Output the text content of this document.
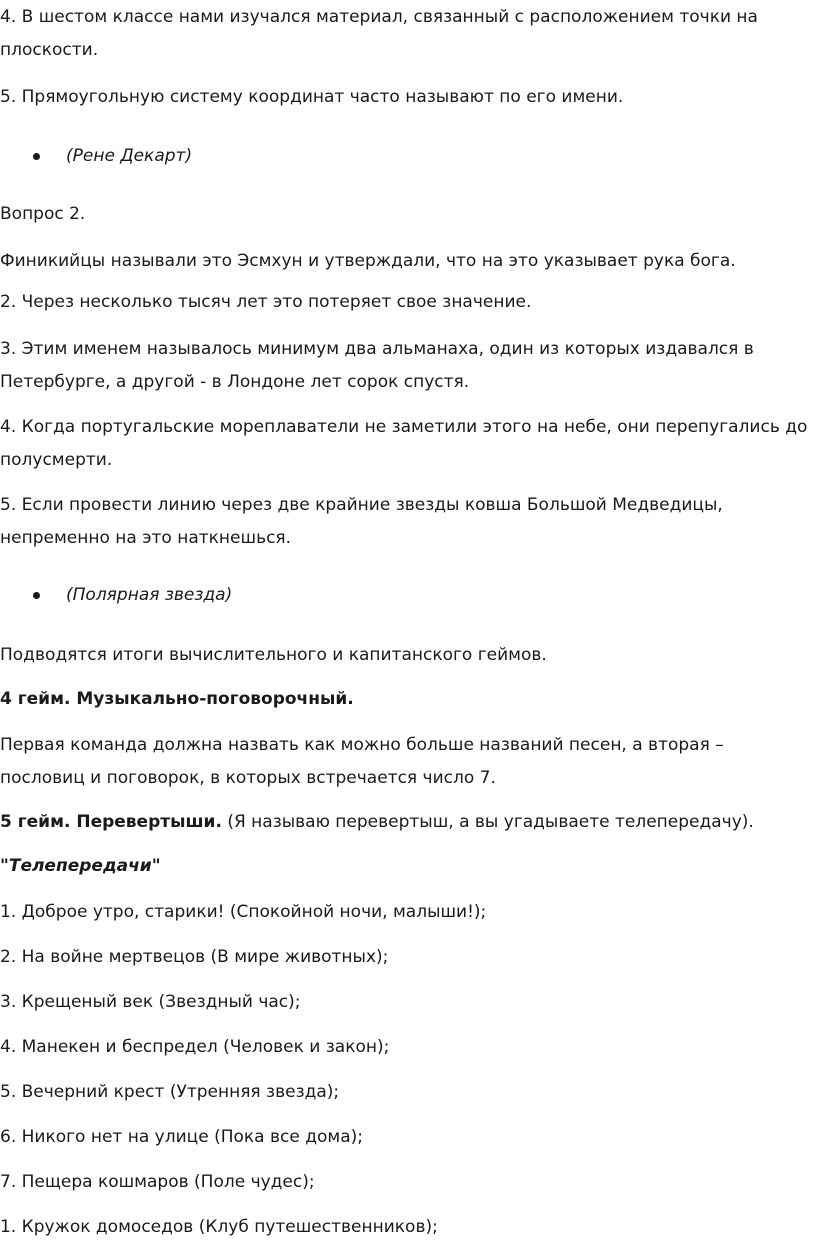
4. В шестом классе нами изучался материал, связанный с расположением точки на
плоскости.
5. Прямоугольную систему координат часто называют по его имени.
(Рене Декарт)
Вопрос 2.
Финикийцы называли это Эсмхун и утверждали, что на это указывает рука бога.
2. Через несколько тысяч лет это потеряет свое значение.
3. Этим именем называлось минимум два альманаха, один из которых издавался в
Петербурге, а другой - в Лондоне лет сорок спустя.
4. Когда португальские мореплаватели не заметили этого на небе, они перепугались до
полусмерти.
5. Если провести линию через две крайние звезды ковша Большой Медведицы,
непременно на это наткнешься.
(Полярная звезда)
Подводятся итоги вычислительного и капитанского геймов.
4 гейм. Музыкально-поговорочный.
Первая команда должна назвать как можно больше названий песен, а вторая –
пословиц и поговорок, в которых встречается число 7.
5 гейм. Перевертыши. (Я называю перевертыш, а вы угадываете телепередачу).
"Телепередачи"
1. Доброе утро, старики! (Спокойной ночи, малыши!);
2. На войне мертвецов (В мире животных);
3. Крещеный век (Звездный час);
4. Манекен и беспредел (Человек и закон);
5. Вечерний крест (Утренняя звезда);
6. Никого нет на улице (Пока все дома);
7. Пещера кошмаров (Поле чудес);
1. Кружок домоседов (Клуб путешественников);
